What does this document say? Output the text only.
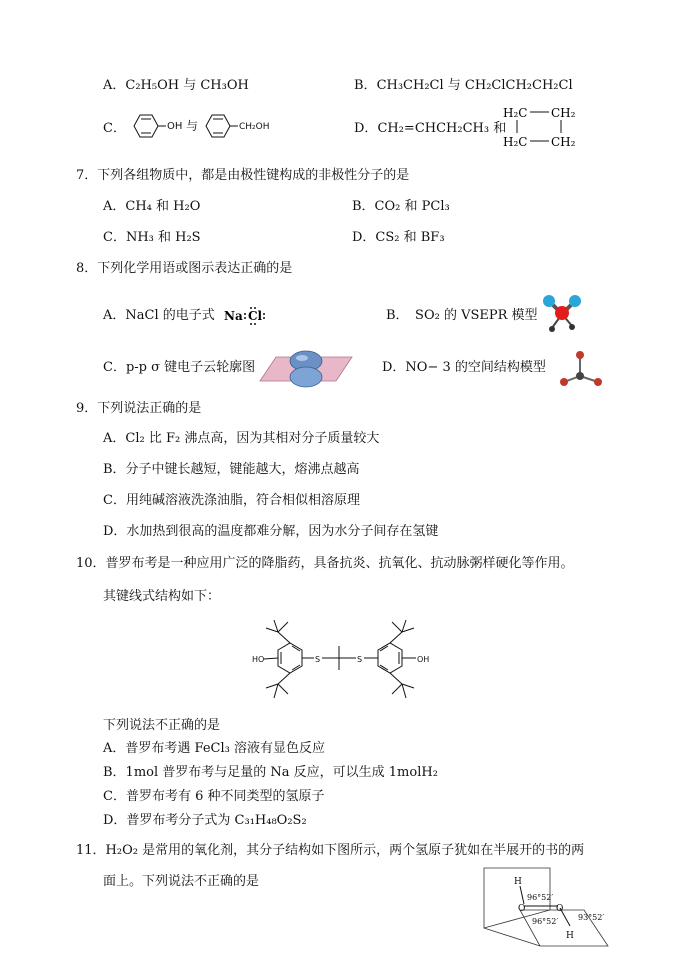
A．C₂H₅OH 与 CH₃OH	B．CH₃CH₂Cl 与 CH₂ClCH₂CH₂Cl
C．	OH 与	CH₂OH	D．CH₂=CHCH₂CH₃ 和
H₂C CH₂
H₂C CH₂
7．下列各组物质中，都是由极性键构成的非极性分子的是
A．CH₄ 和 H₂O	B．CO₂ 和 PCl₃
C．NH₃ 和 H₂S	D．CS₂ 和 BF₃
8．下列化学用语或图示表达正确的是
A．NaCl 的电子式 Na Cl	B．　SO₂ 的 VSEPR 模型
C．p-p σ 键电子云轮廓图	D．NO− 3 的空间结构模型
9．下列说法正确的是
A．Cl₂ 比 F₂ 沸点高，因为其相对分子质量较大
B．分子中键长越短，键能越大，熔沸点越高
C．用纯碱溶液洗涤油脂，符合相似相溶原理
D．水加热到很高的温度都难分解，因为水分子间存在氢键
10．普罗布考是一种应用广泛的降脂药，具备抗炎、抗氧化、抗动脉粥样硬化等作用。
其键线式结构如下：
HO	S	S	OH
下列说法不正确的是
A．普罗布考遇 FeCl₃ 溶液有显色反应
B．1mol 普罗布考与足量的 Na 反应，可以生成 1molH₂
C．普罗布考有 6 种不同类型的氢原子
D．普罗布考分子式为 C₃₁H₄₈O₂S₂
11．H₂O₂ 是常用的氧化剂，其分子结构如下图所示，两个氢原子犹如在半展开的书的两
面上。下列说法不正确的是	H
O	O
H
96°52′
96°52′ 93°52′
